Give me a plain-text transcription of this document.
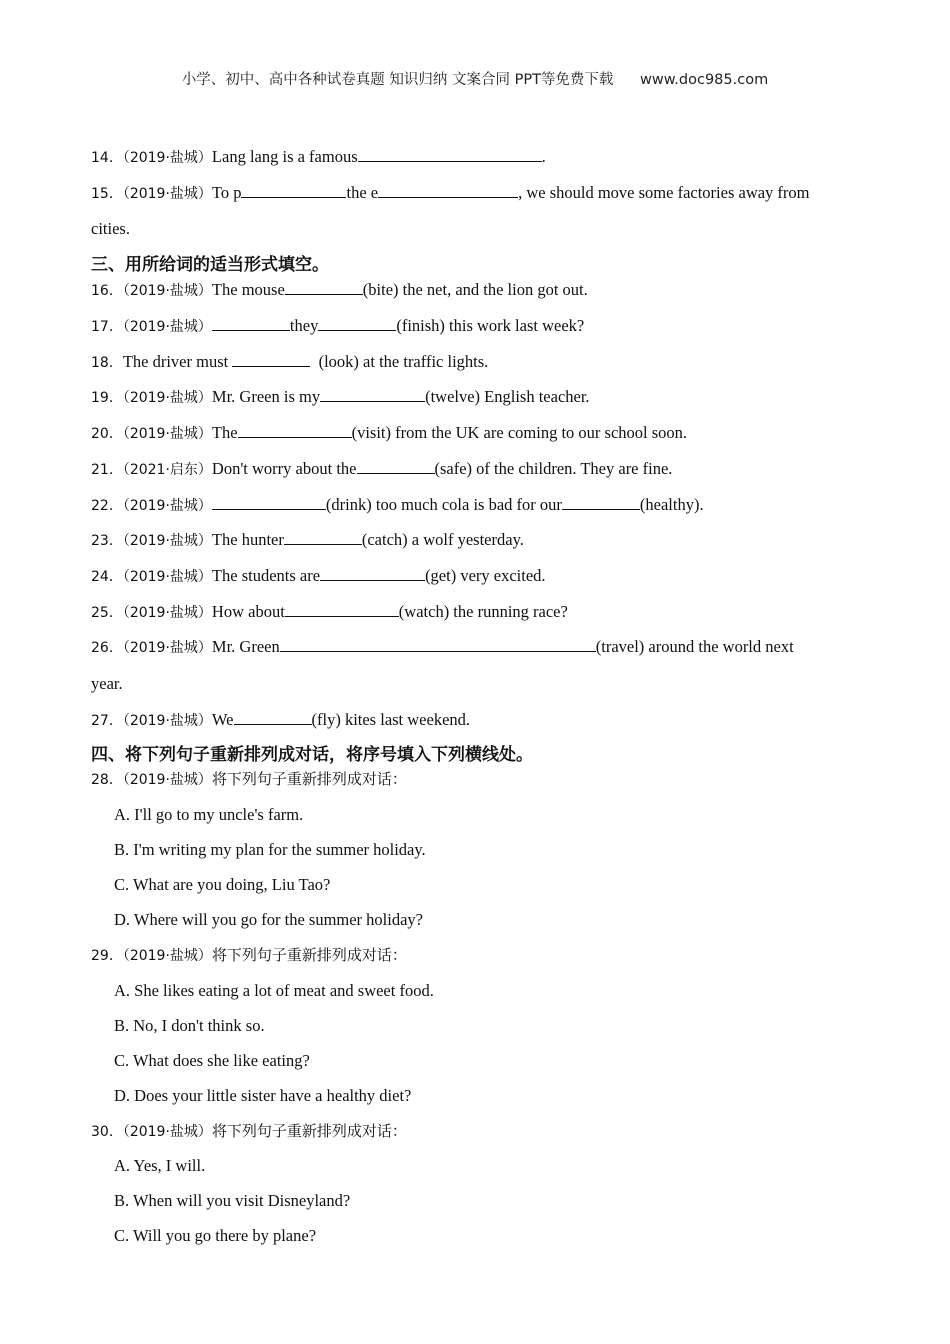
小学、初中、高中各种试卷真题 知识归纳 文案合同 PPT等免费下载 www.doc985.com
14．（2019·盐城）Lang lang is a famous	.
15．（2019·盐城）To p	the e	, we should move some factories away from
cities.
三、用所给词的适当形式填空。
16．（2019·盐城）The mouse	(bite) the net, and the lion got out.
17．（2019·盐城）	they	(finish) this work last week?
18．The driver must	(look) at the traffic lights.
19．（2019·盐城）Mr. Green is my	(twelve) English teacher.
20．（2019·盐城）The	(visit) from the UK are coming to our school soon.
21．（2021·启东）Don't worry about the	(safe) of the children. They are fine.
22．（2019·盐城）	(drink) too much cola is bad for our	(healthy).
23．（2019·盐城）The hunter	(catch) a wolf yesterday.
24．（2019·盐城）The students are	(get) very excited.
25．（2019·盐城）How about	(watch) the running race?
26．（2019·盐城）Mr. Green	(travel) around the world next
year.
27．（2019·盐城）We	(fly) kites last weekend.
四、将下列句子重新排列成对话，将序号填入下列横线处。
28．（2019·盐城）将下列句子重新排列成对话：
A. I'll go to my uncle's farm.
B. I'm writing my plan for the summer holiday.
C. What are you doing, Liu Tao?
D. Where will you go for the summer holiday?
29．（2019·盐城）将下列句子重新排列成对话：
A. She likes eating a lot of meat and sweet food.
B. No, I don't think so.
C. What does she like eating?
D. Does your little sister have a healthy diet?
30．（2019·盐城）将下列句子重新排列成对话：
A. Yes, I will.
B. When will you visit Disneyland?
C. Will you go there by plane?
